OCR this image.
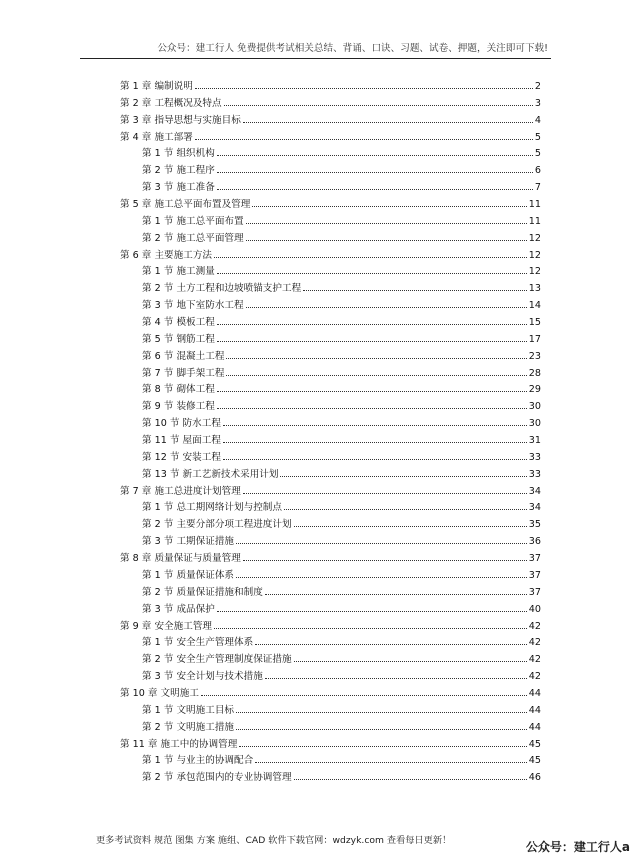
公众号：建工行人 免费提供考试相关总结、背诵、口诀、习题、试卷、押题，关注即可下载!
第 1 章 编制说明	2
第 2 章 工程概况及特点	3
第 3 章 指导思想与实施目标	4
第 4 章 施工部署	5
第 1 节 组织机构	5
第 2 节 施工程序	6
第 3 节 施工准备	7
第 5 章 施工总平面布置及管理	11
第 1 节 施工总平面布置	11
第 2 节 施工总平面管理	12
第 6 章 主要施工方法	12
第 1 节 施工测量	12
第 2 节 土方工程和边坡喷锚支护工程	13
第 3 节 地下室防水工程	14
第 4 节 模板工程	15
第 5 节 钢筋工程	17
第 6 节 混凝土工程	23
第 7 节 脚手架工程	28
第 8 节 砌体工程	29
第 9 节 装修工程	30
第 10 节 防水工程	30
第 11 节 屋面工程	31
第 12 节 安装工程	33
第 13 节 新工艺新技术采用计划	33
第 7 章 施工总进度计划管理	34
第 1 节 总工期网络计划与控制点	34
第 2 节 主要分部分项工程进度计划	35
第 3 节 工期保证措施	36
第 8 章 质量保证与质量管理	37
第 1 节 质量保证体系	37
第 2 节 质量保证措施和制度	37
第 3 节 成品保护	40
第 9 章 安全施工管理	42
第 1 节 安全生产管理体系	42
第 2 节 安全生产管理制度保证措施	42
第 3 节 安全计划与技术措施	42
第 10 章 文明施工	44
第 1 节 文明施工目标	44
第 2 节 文明施工措施	44
第 11 章 施工中的协调管理	45
第 1 节 与业主的协调配合	45
第 2 节 承包范围内的专业协调管理	46
更多考试资料 规范 图集 方案 施组、CAD 软件下载官网：wdzyk.com 查看每日更新！	公众号：建工行人a
